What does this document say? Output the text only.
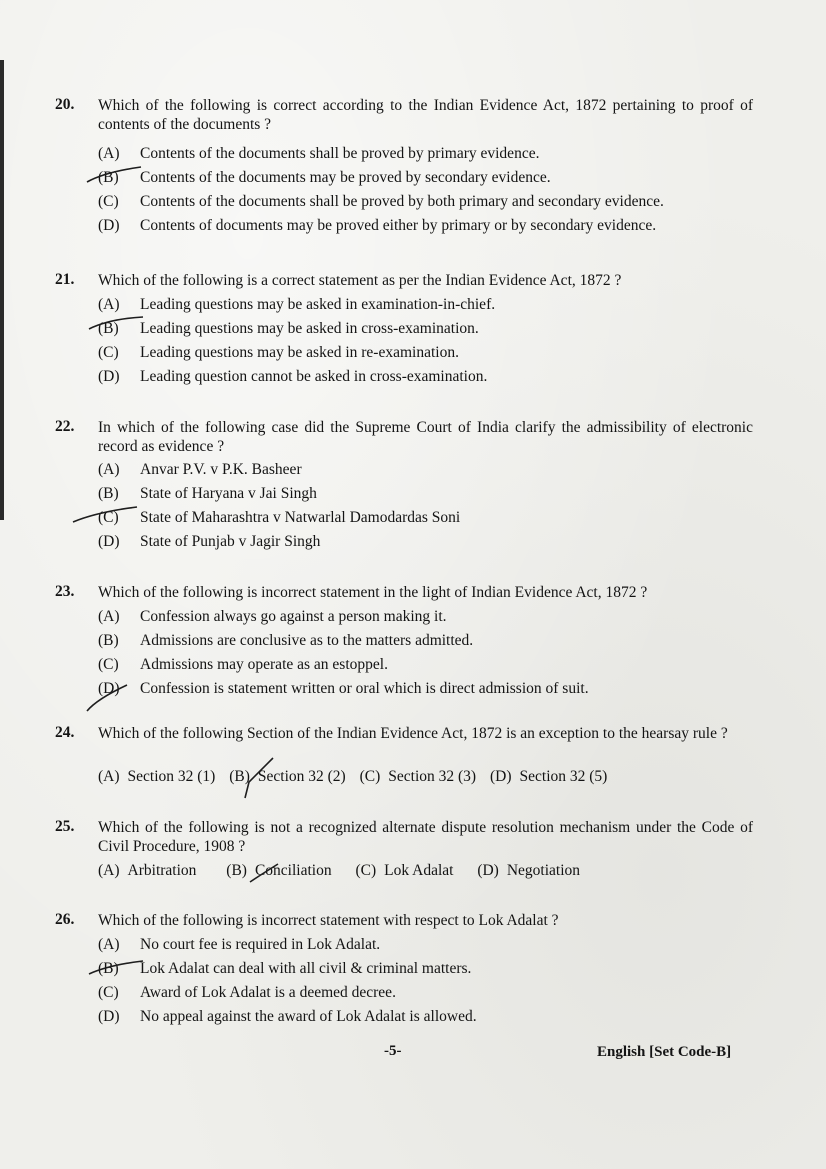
20. Which of the following is correct according to the Indian Evidence Act, 1872 pertaining to proof of contents of the documents ?
(A) Contents of the documents shall be proved by primary evidence.
(B) Contents of the documents may be proved by secondary evidence.
(C) Contents of the documents shall be proved by both primary and secondary evidence.
(D) Contents of documents may be proved either by primary or by secondary evidence.
21. Which of the following is a correct statement as per the Indian Evidence Act, 1872 ?
(A) Leading questions may be asked in examination-in-chief.
(B) Leading questions may be asked in cross-examination.
(C) Leading questions may be asked in re-examination.
(D) Leading question cannot be asked in cross-examination.
22. In which of the following case did the Supreme Court of India clarify the admissibility of electronic record as evidence ?
(A) Anvar P.V. v P.K. Basheer
(B) State of Haryana v Jai Singh
(C) State of Maharashtra v Natwarlal Damodardas Soni
(D) State of Punjab v Jagir Singh
23. Which of the following is incorrect statement in the light of Indian Evidence Act, 1872 ?
(A) Confession always go against a person making it.
(B) Admissions are conclusive as to the matters admitted.
(C) Admissions may operate as an estoppel.
(D) Confession is statement written or oral which is direct admission of suit.
24. Which of the following Section of the Indian Evidence Act, 1872 is an exception to the hearsay rule ?
(A) Section 32 (1) (B) Section 32 (2) (C) Section 32 (3) (D) Section 32 (5)
25. Which of the following is not a recognized alternate dispute resolution mechanism under the Code of Civil Procedure, 1908 ?
(A) Arbitration (B) Conciliation (C) Lok Adalat (D) Negotiation
26. Which of the following is incorrect statement with respect to Lok Adalat ?
(A) No court fee is required in Lok Adalat.
(B) Lok Adalat can deal with all civil & criminal matters.
(C) Award of Lok Adalat is a deemed decree.
(D) No appeal against the award of Lok Adalat is allowed.
-5-	English [Set Code-B]
